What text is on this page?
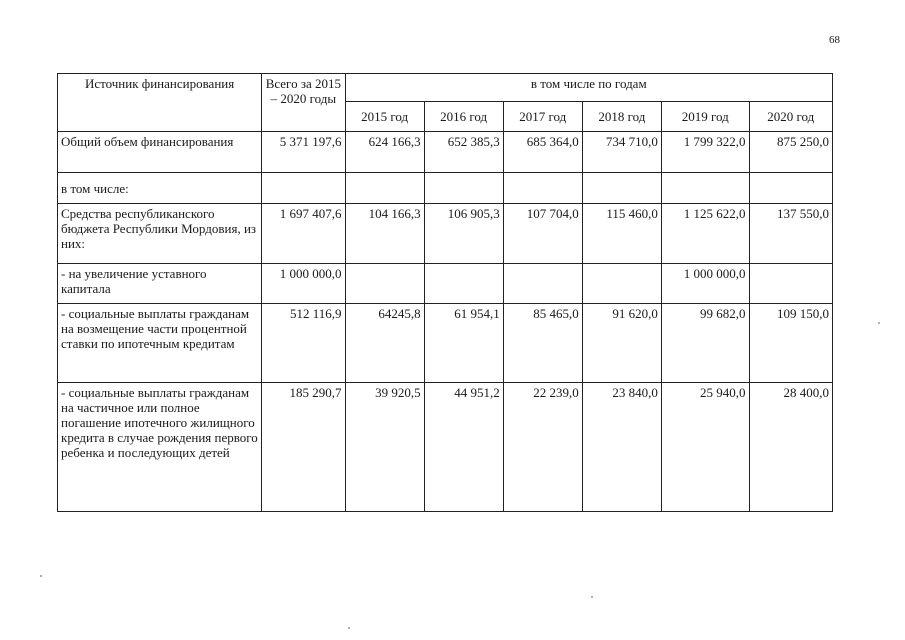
68
Источник финансирования	Всего за 2015 – 2020 годы	в том числе по годам					
		2015 год	2016 год	2017 год	2018 год	2019 год	2020 год
Общий объем финансирования	5 371 197,6	624 166,3	652 385,3	685 364,0	734 710,0	1 799 322,0	875 250,0
в том числе:							
Средства республиканского бюджета Республики Мордовия, из них:	1 697 407,6	104 166,3	106 905,3	107 704,0	115 460,0	1 125 622,0	137 550,0
- на увеличение уставного капитала	1 000 000,0					1 000 000,0	
- социальные выплаты гражданам на возмещение части процентной ставки по ипотечным кредитам	512 116,9	64245,8	61 954,1	85 465,0	91 620,0	99 682,0	109 150,0
- социальные выплаты гражданам на частичное или полное погашение ипотечного жилищного кредита в случае рождения первого ребенка и последующих детей	185 290,7	39 920,5	44 951,2	22 239,0	23 840,0	25 940,0	28 400,0
